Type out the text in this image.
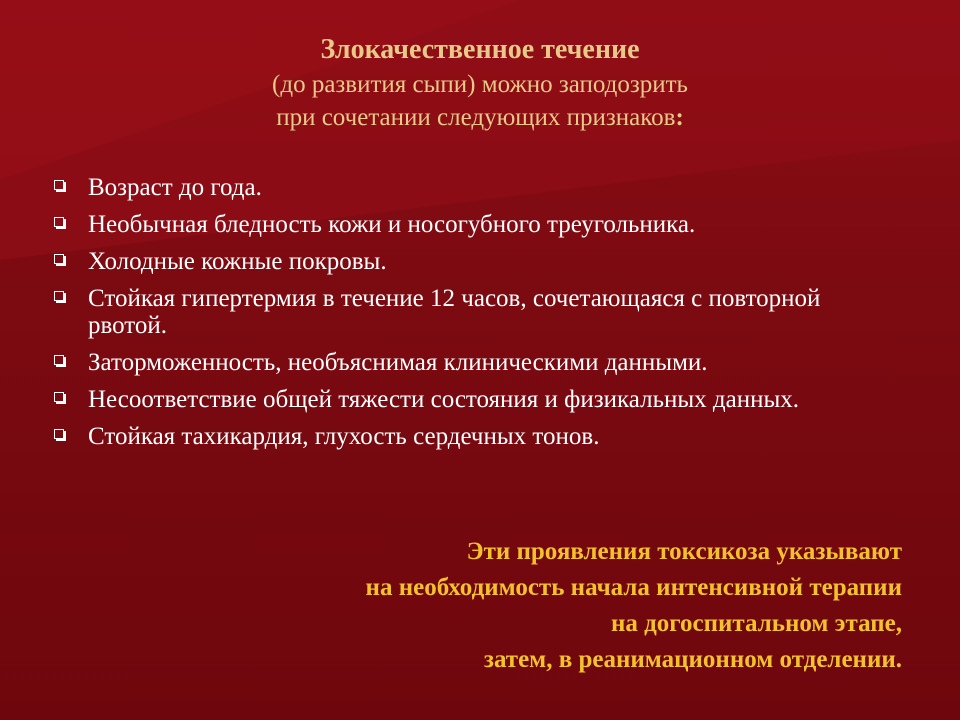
Злокачественное течение
(до развития сыпи) можно заподозрить
при сочетании следующих признаков:
Возраст до года.
Необычная бледность кожи и носогубного треугольника.
Холодные кожные покровы.
Стойкая гипертермия в течение 12 часов, сочетающаяся с повторной рвотой.
Заторможенность, необъяснимая клиническими данными.
Несоответствие общей тяжести состояния и физикальных данных.
Стойкая тахикардия, глухость сердечных тонов.
Эти проявления токсикоза указывают
на необходимость начала интенсивной терапии
на догоспитальном этапе,
затем, в реанимационном отделении.
